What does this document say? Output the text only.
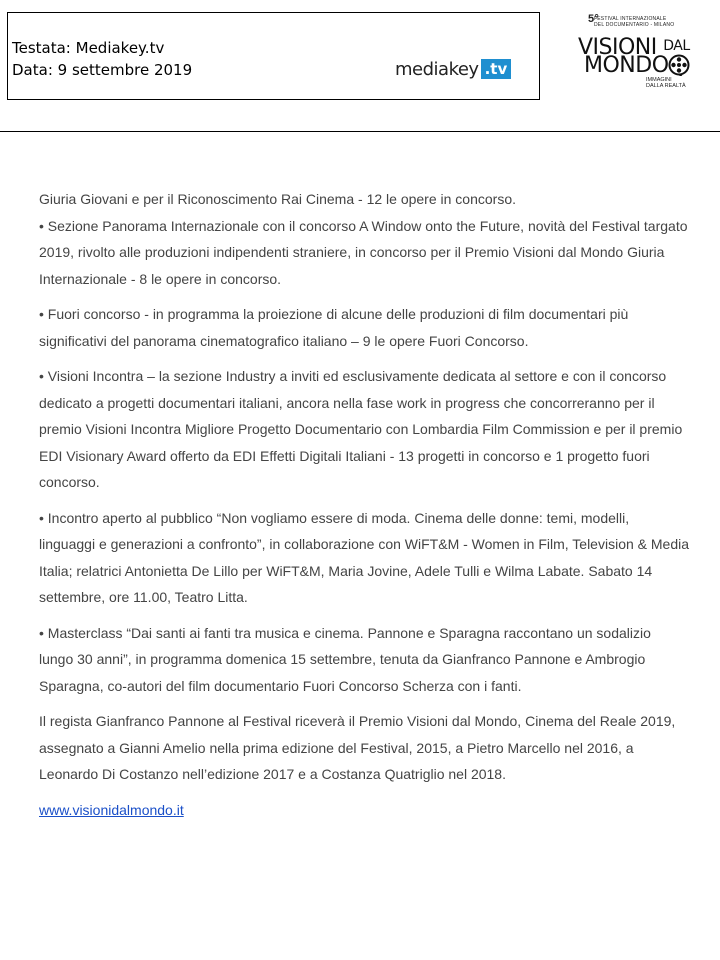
Testata: Mediakey.tv
Data: 9 settembre 2019	mediakey .tv
5°
FESTIVAL INTERNAZIONALE
DEL DOCUMENTARIO - MILANO
VISIONI DAL
MONDO
IMMAGINI
DALLA REALTÀ

Giuria Giovani e per il Riconoscimento Rai Cinema - 12 le opere in concorso.
• Sezione Panorama Internazionale con il concorso A Window onto the Future, novità del Festival targato 2019, rivolto alle produzioni indipendenti straniere, in concorso per il Premio Visioni dal Mondo Giuria Internazionale - 8 le opere in concorso.

• Fuori concorso - in programma la proiezione di alcune delle produzioni di film documentari più significativi del panorama cinematografico italiano – 9 le opere Fuori Concorso.

• Visioni Incontra – la sezione Industry a inviti ed esclusivamente dedicata al settore e con il concorso dedicato a progetti documentari italiani, ancora nella fase work in progress che concorreranno per il premio Visioni Incontra Migliore Progetto Documentario con Lombardia Film Commission e per il premio EDI Visionary Award offerto da EDI Effetti Digitali Italiani - 13 progetti in concorso e 1 progetto fuori concorso.

• Incontro aperto al pubblico “Non vogliamo essere di moda. Cinema delle donne: temi, modelli, linguaggi e generazioni a confronto”, in collaborazione con WiFT&M - Women in Film, Television & Media Italia; relatrici Antonietta De Lillo per WiFT&M, Maria Jovine, Adele Tulli e Wilma Labate. Sabato 14 settembre, ore 11.00, Teatro Litta.

• Masterclass “Dai santi ai fanti tra musica e cinema. Pannone e Sparagna raccontano un sodalizio lungo 30 anni”, in programma domenica 15 settembre, tenuta da Gianfranco Pannone e Ambrogio Sparagna, co-autori del film documentario Fuori Concorso Scherza con i fanti.

Il regista Gianfranco Pannone al Festival riceverà il Premio Visioni dal Mondo, Cinema del Reale 2019, assegnato a Gianni Amelio nella prima edizione del Festival, 2015, a Pietro Marcello nel 2016, a Leonardo Di Costanzo nell’edizione 2017 e a Costanza Quatriglio nel 2018.

www.visionidalmondo.it
